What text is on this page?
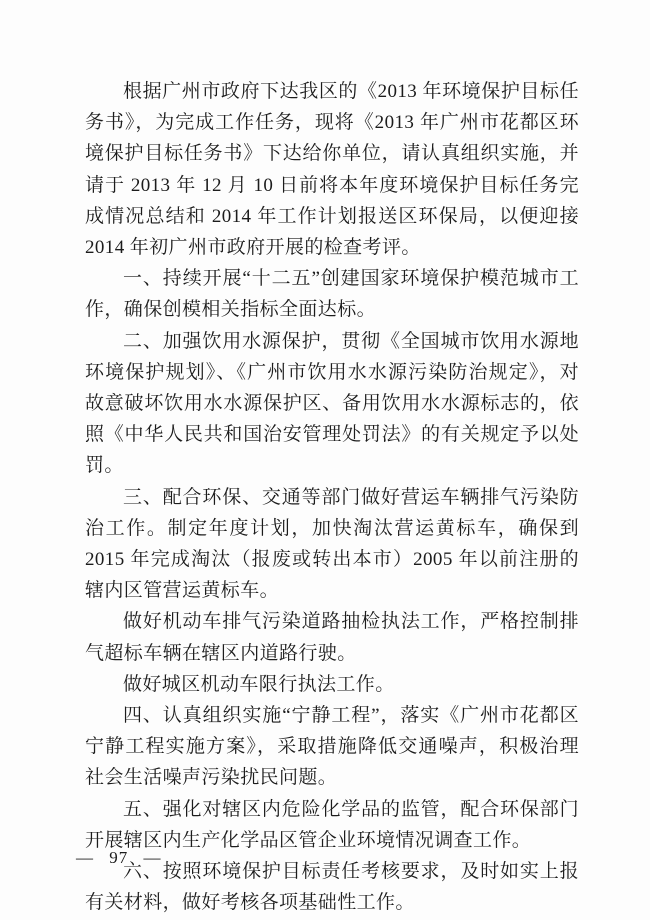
根据广州市政府下达我区的《2013 年环境保护目标任务书》，为完成工作任务，现将《2013 年广州市花都区环境保护目标任务书》下达给你单位，请认真组织实施，并请于 2013 年 12 月 10 日前将本年度环境保护目标任务完成情况总结和 2014 年工作计划报送区环保局，以便迎接 2014 年初广州市政府开展的检查考评。

一、持续开展“十二五”创建国家环境保护模范城市工作，确保创模相关指标全面达标。

二、加强饮用水源保护，贯彻《全国城市饮用水源地环境保护规划》、《广州市饮用水水源污染防治规定》，对故意破坏饮用水水源保护区、备用饮用水水源标志的，依照《中华人民共和国治安管理处罚法》的有关规定予以处罚。

三、配合环保、交通等部门做好营运车辆排气污染防治工作。制定年度计划，加快淘汰营运黄标车，确保到 2015 年完成淘汰（报废或转出本市）2005 年以前注册的辖内区管营运黄标车。

做好机动车排气污染道路抽检执法工作，严格控制排气超标车辆在辖区内道路行驶。

做好城区机动车限行执法工作。

四、认真组织实施“宁静工程”，落实《广州市花都区宁静工程实施方案》，采取措施降低交通噪声，积极治理社会生活噪声污染扰民问题。

五、强化对辖区内危险化学品的监管，配合环保部门开展辖区内生产化学品区管企业环境情况调查工作。

六、按照环境保护目标责任考核要求，及时如实上报有关材料，做好考核各项基础性工作。

— 97 —
